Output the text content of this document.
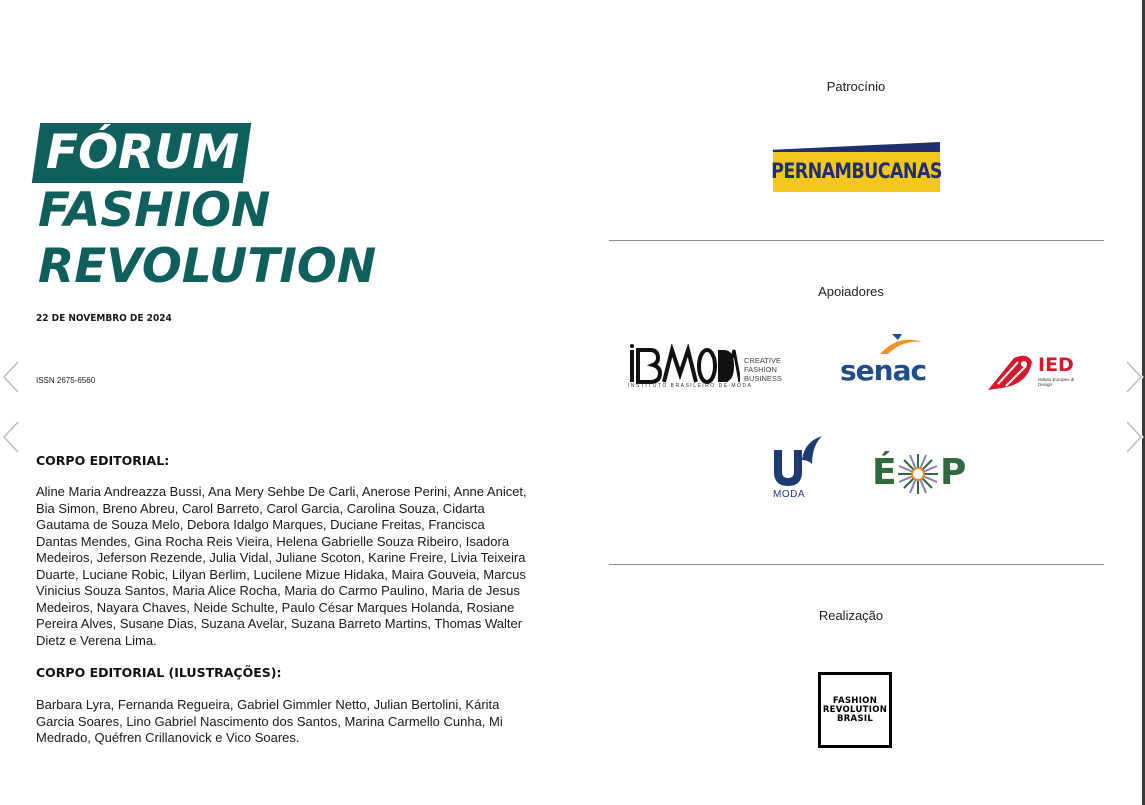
FÓRUM
FASHION
REVOLUTION
22 DE NOVEMBRO DE 2024
ISSN 2675-6560
CORPO EDITORIAL:
Aline Maria Andreazza Bussi, Ana Mery Sehbe De Carli, Anerose Perini, Anne Anicet, Bia Simon, Breno Abreu, Carol Barreto, Carol Garcia, Carolina Souza, Cidarta Gautama de Souza Melo, Debora Idalgo Marques, Duciane Freitas, Francisca Dantas Mendes, Gina Rocha Reis Vieira, Helena Gabrielle Souza Ribeiro, Isadora Medeiros, Jeferson Rezende, Julia Vidal, Juliane Scoton, Karine Freire, Livia Teixeira Duarte, Luciane Robic, Lilyan Berlim, Lucilene Mizue Hidaka, Maira Gouveia, Marcus Vinicius Souza Santos, Maria Alice Rocha, Maria do Carmo Paulino, Maria de Jesus Medeiros, Nayara Chaves, Neide Schulte, Paulo César Marques Holanda, Rosiane Pereira Alves, Susane Dias, Suzana Avelar, Suzana Barreto Martins, Thomas Walter Dietz e Verena Lima.
CORPO EDITORIAL (ILUSTRAÇÕES):
Barbara Lyra, Fernanda Regueira, Gabriel Gimmler Netto, Julian Bertolini, Kárita Garcia Soares, Lino Gabriel Nascimento dos Santos, Marina Carmello Cunha, Mi Medrado, Quéfren Crillanovick e Vico Soares.
Patrocínio
PERNAMBUCANAS
Apoiadores
INSTITUTO BRASILEIRO DE MODA
CREATIVE
FASHION
BUSINESS senac	IED
Istituto Europeo di Design
MODA
É P
Realização
FASHION
REVOLUTION
BRASIL
